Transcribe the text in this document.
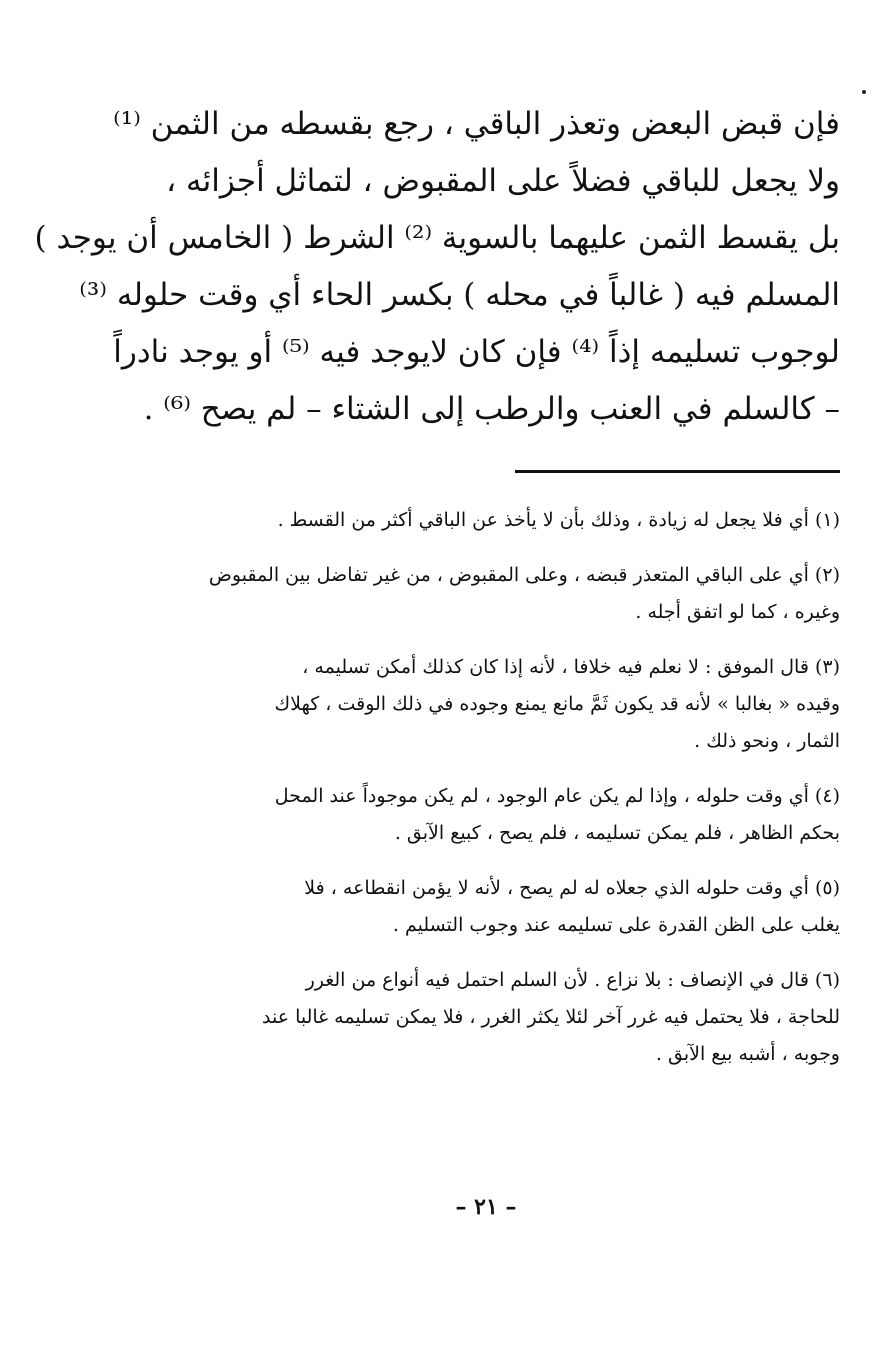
فإن قبض البعض وتعذر الباقي ، رجع بقسطه من الثمن ⁽¹⁾
ولا يجعل للباقي فضلاً على المقبوض ، لتماثل أجزائه ،
بل يقسط الثمن عليهما بالسوية ⁽²⁾ الشرط ( الخامس أن يوجد )
المسلم فيه ( غالباً في محله ) بكسر الحاء أي وقت حلوله ⁽³⁾
لوجوب تسليمه إذاً ⁽⁴⁾ فإن كان لايوجد فيه ⁽⁵⁾ أو يوجد نادراً
– كالسلم في العنب والرطب إلى الشتاء – لم يصح ⁽⁶⁾ .
(١) أي فلا يجعل له زيادة ، وذلك بأن لا يأخذ عن الباقي أكثر من القسط .
(٢) أي على الباقي المتعذر قبضه ، وعلى المقبوض ، من غير تفاضل بين المقبوض
وغيره ، كما لو اتفق أجله .
(٣) قال الموفق : لا نعلم فيه خلافا ، لأنه إذا كان كذلك أمكن تسليمه ،
وقيده « بغالبا » لأنه قد يكون ثَمَّ مانع يمنع وجوده في ذلك الوقت ، كهلاك
الثمار ، ونحو ذلك .
(٤) أي وقت حلوله ، وإذا لم يكن عام الوجود ، لم يكن موجوداً عند المحل
بحكم الظاهر ، فلم يمكن تسليمه ، فلم يصح ، كبيع الآبق .
(٥) أي وقت حلوله الذي جعلاه له لم يصح ، لأنه لا يؤمن انقطاعه ، فلا
يغلب على الظن القدرة على تسليمه عند وجوب التسليم .
(٦) قال في الإنصاف : بلا نزاع . لأن السلم احتمل فيه أنواع من الغرر
للحاجة ، فلا يحتمل فيه غرر آخر لئلا يكثر الغرر ، فلا يمكن تسليمه غالبا عند
وجوبه ، أشبه بيع الآبق .
– ٢١ –
